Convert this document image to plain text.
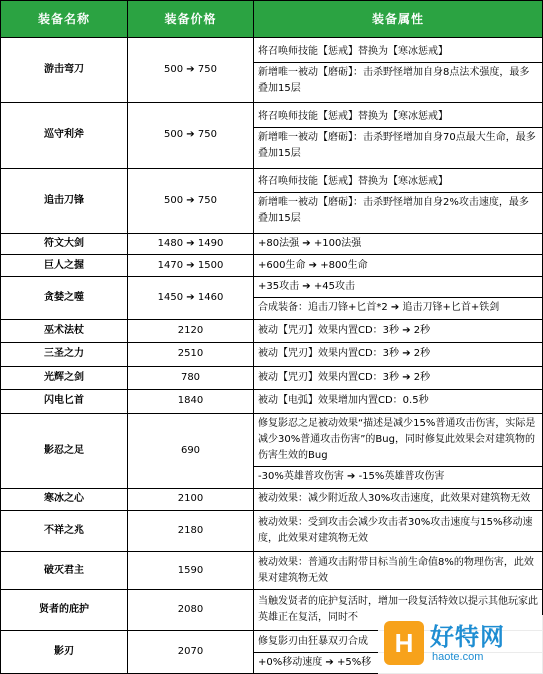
装备名称	装备价格	装备属性
游击弯刀	500 ➔ 750	将召唤师技能【惩戒】替换为【寒冰惩戒】
新增唯一被动【磨砺】：击杀野怪增加自身8点法术强度，最多叠加15层

巡守利斧	500 ➔ 750	将召唤师技能【惩戒】替换为【寒冰惩戒】
新增唯一被动【磨砺】：击杀野怪增加自身70点最大生命，最多叠加15层

追击刀锋	500 ➔ 750	将召唤师技能【惩戒】替换为【寒冰惩戒】
新增唯一被动【磨砺】：击杀野怪增加自身2%攻击速度，最多叠加15层

符文大剑	1480 ➔ 1490	+80法强 ➔ +100法强

巨人之握	1470 ➔ 1500	+600生命 ➔ +800生命

贪婪之噬	1450 ➔ 1460	+35攻击 ➔ +45攻击
合成装备：追击刀锋+匕首*2 ➔ 追击刀锋+匕首+铁剑

巫术法杖	2120	被动【咒刃】效果内置CD：3秒 ➔ 2秒

三圣之力	2510	被动【咒刃】效果内置CD：3秒 ➔ 2秒

光辉之剑	780	被动【咒刃】效果内置CD：3秒 ➔ 2秒

闪电匕首	1840	被动【电弧】效果增加内置CD：0.5秒

影忍之足	690	修复影忍之足被动效果“描述是减少15%普通攻击伤害，实际是减少30%普通攻击伤害”的Bug，同时修复此效果会对建筑物的伤害生效的Bug
-30%英雄普攻伤害 ➔ -15%英雄普攻伤害

寒冰之心	2100	被动效果：减少附近敌人30%攻击速度，此效果对建筑物无效

不祥之兆	2180	被动效果：受到攻击会减少攻击者30%攻击速度与15%移动速度，此效果对建筑物无效

破灭君主	1590	被动效果：普通攻击附带目标当前生命值8%的物理伤害，此效果对建筑物无效

贤者的庇护	2080	当触发贤者的庇护复活时，增加一段复活特效以提示其他玩家此英雄正在复活，同时不

影刃	2070	修复影刃由狂暴双刃合成
+0%移动速度 ➔ +5%移
H 好特网
haote.com
